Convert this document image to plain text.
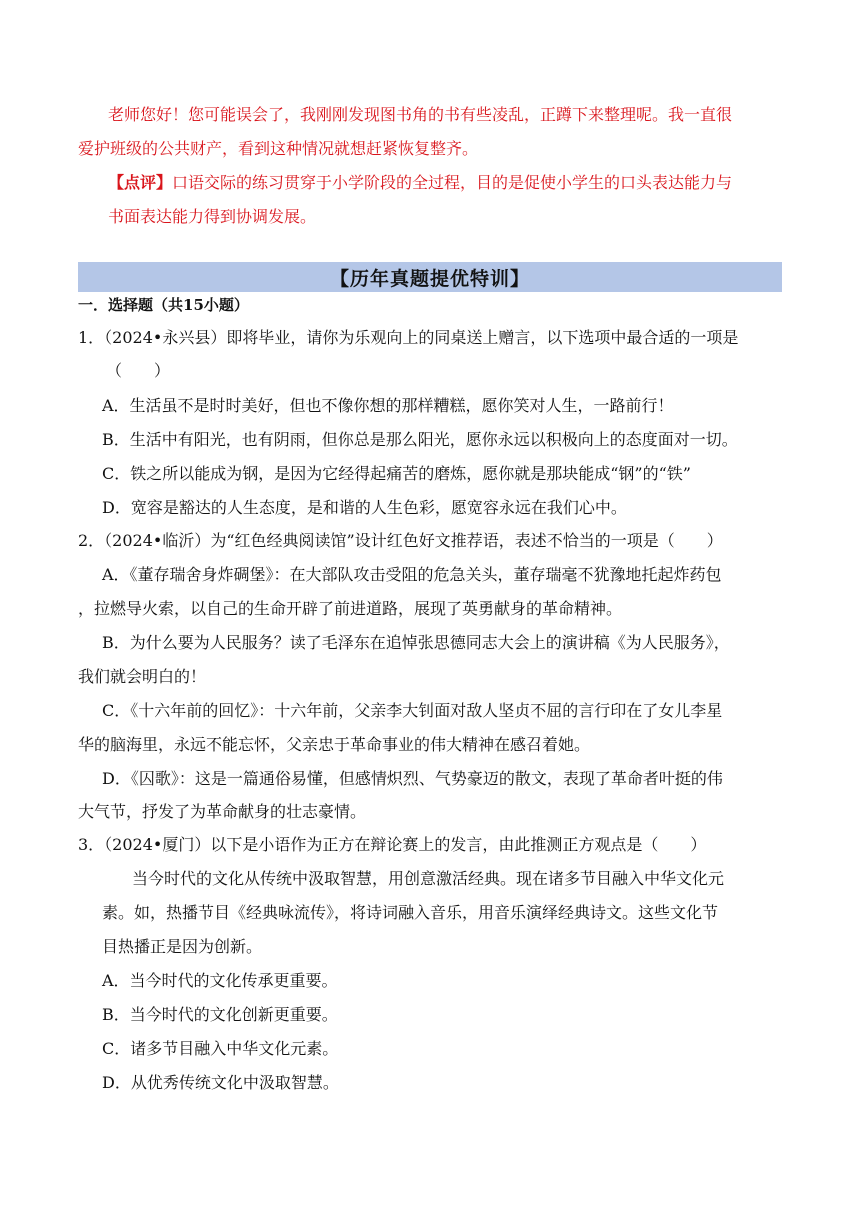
老师您好！您可能误会了，我刚刚发现图书角的书有些凌乱，正蹲下来整理呢。我一直很
爱护班级的公共财产，看到这种情况就想赶紧恢复整齐。
【点评】口语交际的练习贯穿于小学阶段的全过程，目的是促使小学生的口头表达能力与
书面表达能力得到协调发展。
【历年真题提优特训】
一．选择题（共15小题）
1．（2024•永兴县）即将毕业，请你为乐观向上的同桌送上赠言，以下选项中最合适的一项是
（　　）
A．生活虽不是时时美好，但也不像你想的那样糟糕，愿你笑对人生，一路前行！
B．生活中有阳光，也有阴雨，但你总是那么阳光，愿你永远以积极向上的态度面对一切。
C．铁之所以能成为钢，是因为它经得起痛苦的磨炼，愿你就是那块能成“钢”的“铁”
D．宽容是豁达的人生态度，是和谐的人生色彩，愿宽容永远在我们心中。
2．（2024•临沂）为“红色经典阅读馆”设计红色好文推荐语，表述不恰当的一项是（　　）
A．《董存瑞舍身炸碉堡》：在大部队攻击受阻的危急关头，董存瑞毫不犹豫地托起炸药包
，拉燃导火索，以自己的生命开辟了前进道路，展现了英勇献身的革命精神。
B．为什么要为人民服务？读了毛泽东在追悼张思德同志大会上的演讲稿《为人民服务》，
我们就会明白的！
C．《十六年前的回忆》：十六年前，父亲李大钊面对敌人坚贞不屈的言行印在了女儿李星
华的脑海里，永远不能忘怀，父亲忠于革命事业的伟大精神在感召着她。
D．《囚歌》：这是一篇通俗易懂，但感情炽烈、气势豪迈的散文，表现了革命者叶挺的伟
大气节，抒发了为革命献身的壮志豪情。
3．（2024•厦门）以下是小语作为正方在辩论赛上的发言，由此推测正方观点是（　　）
当今时代的文化从传统中汲取智慧，用创意激活经典。现在诸多节目融入中华文化元
素。如，热播节目《经典咏流传》，将诗词融入音乐，用音乐演绎经典诗文。这些文化节
目热播正是因为创新。
A．当今时代的文化传承更重要。
B．当今时代的文化创新更重要。
C．诸多节目融入中华文化元素。
D．从优秀传统文化中汲取智慧。
